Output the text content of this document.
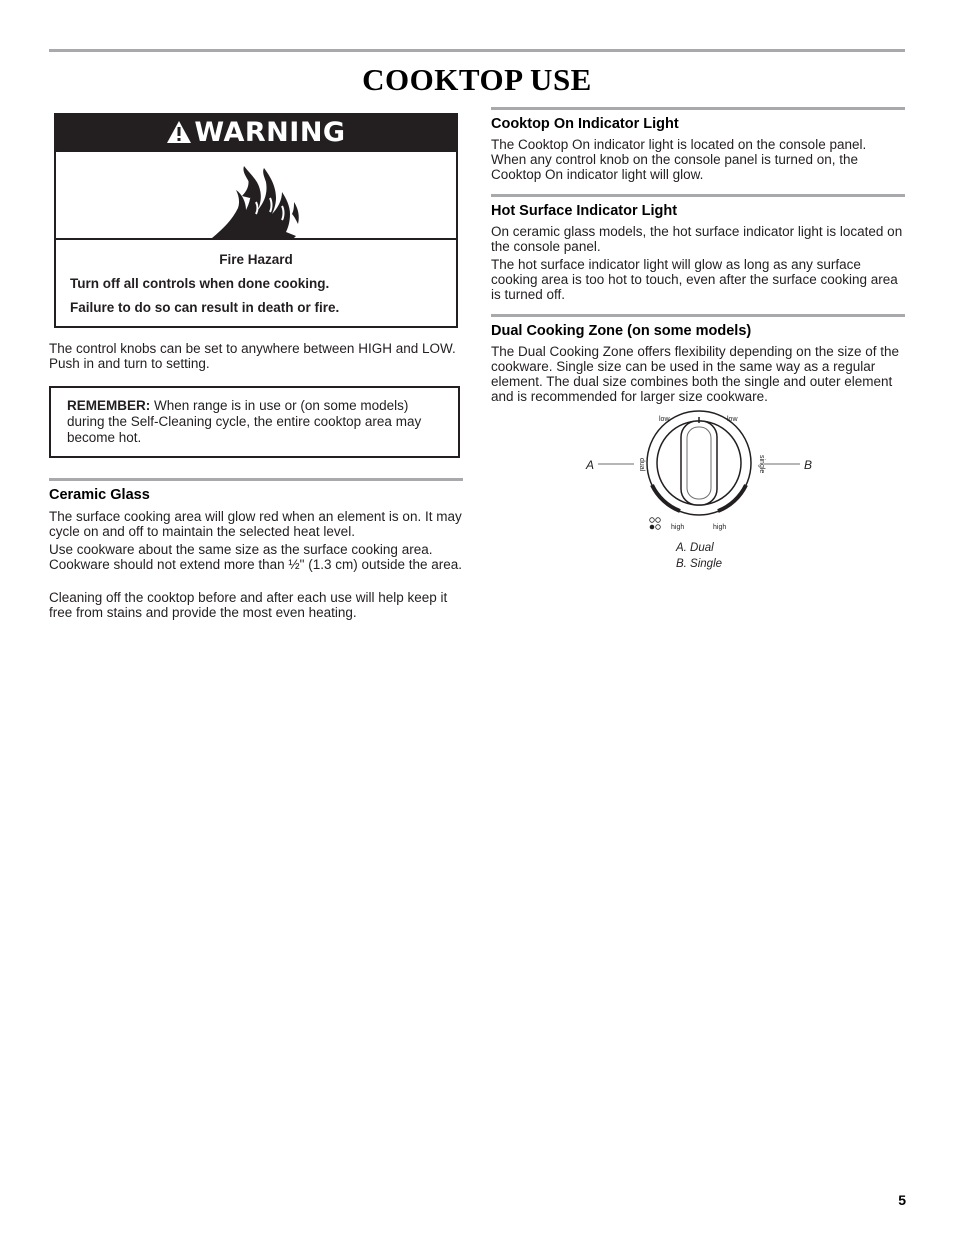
COOKTOP USE
WARNING
Fire Hazard
Turn off all controls when done cooking.
Failure to do so can result in death or fire.
The control knobs can be set to anywhere between HIGH and LOW. Push in and turn to setting.
REMEMBER: When range is in use or (on some models) during the Self-Cleaning cycle, the entire cooktop area may become hot.
Ceramic Glass
The surface cooking area will glow red when an element is on. It may cycle on and off to maintain the selected heat level.
Use cookware about the same size as the surface cooking area. Cookware should not extend more than ½" (1.3 cm) outside the area.
Cleaning off the cooktop before and after each use will help keep it free from stains and provide the most even heating.
Cooktop On Indicator Light
The Cooktop On indicator light is located on the console panel. When any control knob on the console panel is turned on, the Cooktop On indicator light will glow.
Hot Surface Indicator Light
On ceramic glass models, the hot surface indicator light is located on the console panel.
The hot surface indicator light will glow as long as any surface cooking area is too hot to touch, even after the surface cooking area is turned off.
Dual Cooking Zone (on some models)
The Dual Cooking Zone offers flexibility depending on the size of the cookware. Single size can be used in the same way as a regular element. The dual size combines both the single and outer element and is recommended for larger size cookware.
A	B
low	low
high	high
dual	single
A. Dual
B. Single
5
